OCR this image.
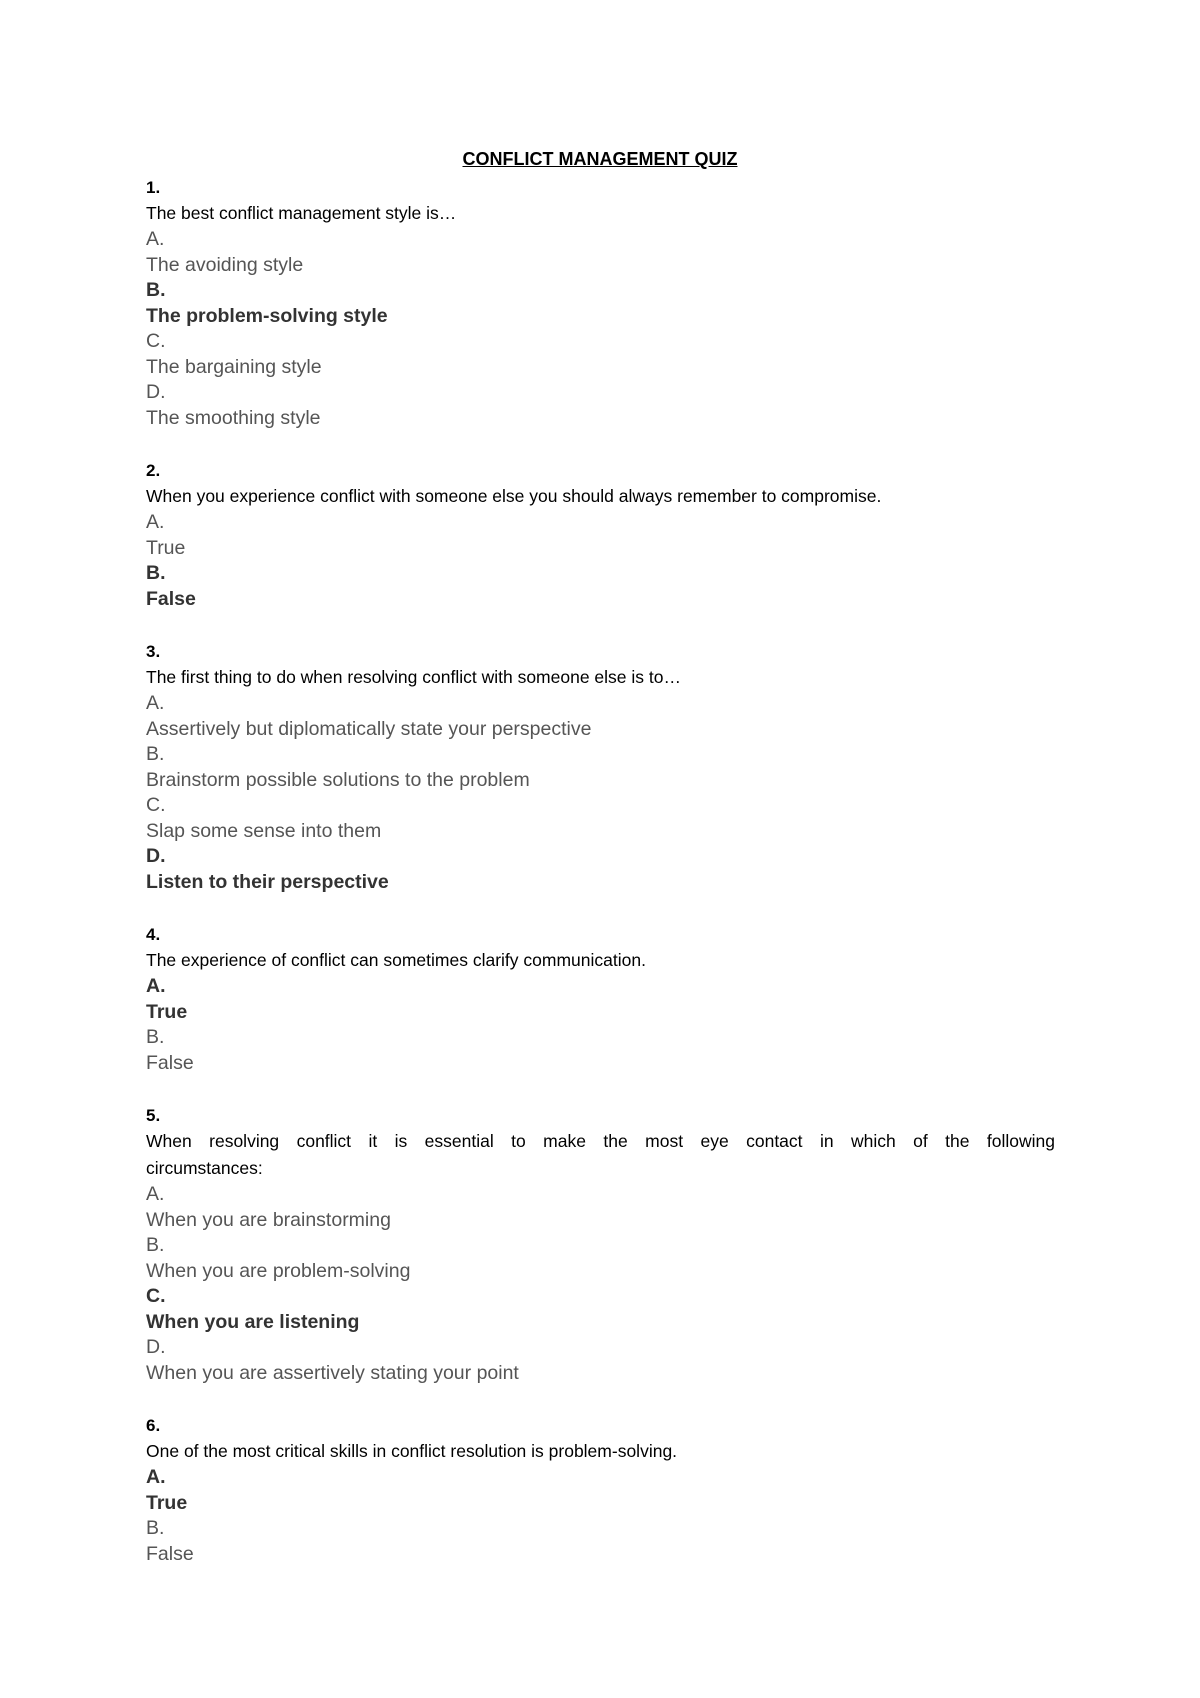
CONFLICT MANAGEMENT QUIZ
1.
The best conflict management style is…
A.
The avoiding style
B.
The problem-solving style
C.
The bargaining style
D.
The smoothing style
2.
When you experience conflict with someone else you should always remember to compromise.
A.
True
B.
False
3.
The first thing to do when resolving conflict with someone else is to…
A.
Assertively but diplomatically state your perspective
B.
Brainstorm possible solutions to the problem
C.
Slap some sense into them
D.
Listen to their perspective
4.
The experience of conflict can sometimes clarify communication.
A.
True
B.
False
5.
When resolving conflict it is essential to make the most eye contact in which of the following circumstances:
A.
When you are brainstorming
B.
When you are problem-solving
C.
When you are listening
D.
When you are assertively stating your point
6.
One of the most critical skills in conflict resolution is problem-solving.
A.
True
B.
False
